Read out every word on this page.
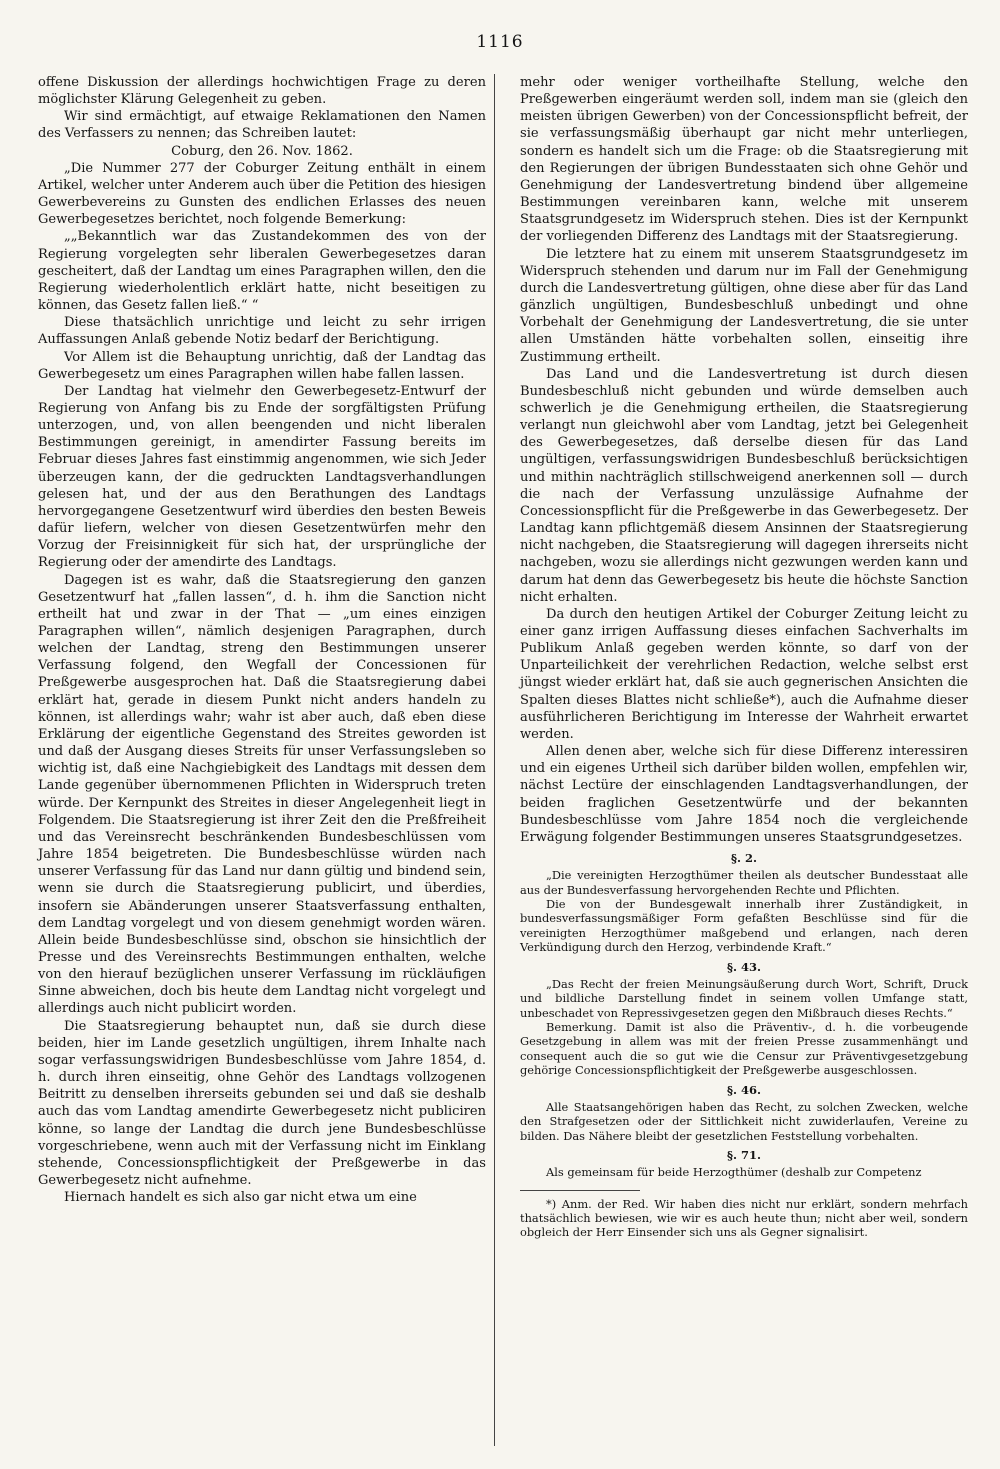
1116

offene Diskussion der allerdings hochwichtigen Frage zu deren möglichster Klärung Gelegenheit zu geben.

Wir sind ermächtigt, auf etwaige Reklamationen den Namen des Verfassers zu nennen; das Schreiben lautet:

Coburg, den 26. Nov. 1862.

„Die Nummer 277 der Coburger Zeitung enthält in einem Artikel, welcher unter Anderem auch über die Petition des hiesigen Gewerbevereins zu Gunsten des endlichen Erlasses des neuen Gewerbegesetzes berichtet, noch folgende Bemerkung:

„„Bekanntlich war das Zustandekommen des von der Regierung vorgelegten sehr liberalen Gewerbegesetzes daran gescheitert, daß der Landtag um eines Paragraphen willen, den die Regierung wiederholentlich erklärt hatte, nicht beseitigen zu können, das Gesetz fallen ließ.“ “

Diese thatsächlich unrichtige und leicht zu sehr irrigen Auffassungen Anlaß gebende Notiz bedarf der Berichtigung.

Vor Allem ist die Behauptung unrichtig, daß der Landtag das Gewerbegesetz um eines Paragraphen willen habe fallen lassen.

Der Landtag hat vielmehr den Gewerbegesetz-Entwurf der Regierung von Anfang bis zu Ende der sorgfältigsten Prüfung unterzogen, und, von allen beengenden und nicht liberalen Bestimmungen gereinigt, in amendirter Fassung bereits im Februar dieses Jahres fast einstimmig angenommen, wie sich Jeder überzeugen kann, der die gedruckten Landtagsverhandlungen gelesen hat, und der aus den Berathungen des Landtags hervorgegangene Gesetzentwurf wird überdies den besten Beweis dafür liefern, welcher von diesen Gesetzentwürfen mehr den Vorzug der Freisinnigkeit für sich hat, der ursprüngliche der Regierung oder der amendirte des Landtags.

Dagegen ist es wahr, daß die Staatsregierung den ganzen Gesetzentwurf hat „fallen lassen“, d. h. ihm die Sanction nicht ertheilt hat und zwar in der That — „um eines einzigen Paragraphen willen“, nämlich desjenigen Paragraphen, durch welchen der Landtag, streng den Bestimmungen unserer Verfassung folgend, den Wegfall der Concessionen für Preßgewerbe ausgesprochen hat. Daß die Staatsregierung dabei erklärt hat, gerade in diesem Punkt nicht anders handeln zu können, ist allerdings wahr; wahr ist aber auch, daß eben diese Erklärung der eigentliche Gegenstand des Streites geworden ist und daß der Ausgang dieses Streits für unser Verfassungsleben so wichtig ist, daß eine Nachgiebigkeit des Landtags mit dessen dem Lande gegenüber übernommenen Pflichten in Widerspruch treten würde. Der Kernpunkt des Streites in dieser Angelegenheit liegt in Folgendem. Die Staatsregierung ist ihrer Zeit den die Preßfreiheit und das Vereinsrecht beschränkenden Bundesbeschlüssen vom Jahre 1854 beigetreten. Die Bundesbeschlüsse würden nach unserer Verfassung für das Land nur dann gültig und bindend sein, wenn sie durch die Staatsregierung publicirt, und überdies, insofern sie Abänderungen unserer Staatsverfassung enthalten, dem Landtag vorgelegt und von diesem genehmigt worden wären. Allein beide Bundesbeschlüsse sind, obschon sie hinsichtlich der Presse und des Vereinsrechts Bestimmungen enthalten, welche von den hierauf bezüglichen unserer Verfassung im rückläufigen Sinne abweichen, doch bis heute dem Landtag nicht vorgelegt und allerdings auch nicht publicirt worden.

Die Staatsregierung behauptet nun, daß sie durch diese beiden, hier im Lande gesetzlich ungültigen, ihrem Inhalte nach sogar verfassungswidrigen Bundesbeschlüsse vom Jahre 1854, d. h. durch ihren einseitig, ohne Gehör des Landtags vollzogenen Beitritt zu denselben ihrerseits gebunden sei und daß sie deshalb auch das vom Landtag amendirte Gewerbegesetz nicht publiciren könne, so lange der Landtag die durch jene Bundesbeschlüsse vorgeschriebene, wenn auch mit der Verfassung nicht im Einklang stehende, Concessionspflichtigkeit der Preßgewerbe in das Gewerbegesetz nicht aufnehme.

Hiernach handelt es sich also gar nicht etwa um eine

mehr oder weniger vortheilhafte Stellung, welche den Preßgewerben eingeräumt werden soll, indem man sie (gleich den meisten übrigen Gewerben) von der Concessionspflicht befreit, der sie verfassungsmäßig überhaupt gar nicht mehr unterliegen, sondern es handelt sich um die Frage: ob die Staatsregierung mit den Regierungen der übrigen Bundesstaaten sich ohne Gehör und Genehmigung der Landesvertretung bindend über allgemeine Bestimmungen vereinbaren kann, welche mit unserem Staatsgrundgesetz im Widerspruch stehen. Dies ist der Kernpunkt der vorliegenden Differenz des Landtags mit der Staatsregierung.

Die letztere hat zu einem mit unserem Staatsgrundgesetz im Widerspruch stehenden und darum nur im Fall der Genehmigung durch die Landesvertretung gültigen, ohne diese aber für das Land gänzlich ungültigen, Bundesbeschluß unbedingt und ohne Vorbehalt der Genehmigung der Landesvertretung, die sie unter allen Umständen hätte vorbehalten sollen, einseitig ihre Zustimmung ertheilt.

Das Land und die Landesvertretung ist durch diesen Bundesbeschluß nicht gebunden und würde demselben auch schwerlich je die Genehmigung ertheilen, die Staatsregierung verlangt nun gleichwohl aber vom Landtag, jetzt bei Gelegenheit des Gewerbegesetzes, daß derselbe diesen für das Land ungültigen, verfassungswidrigen Bundesbeschluß berücksichtigen und mithin nachträglich stillschweigend anerkennen soll — durch die nach der Verfassung unzulässige Aufnahme der Concessionspflicht für die Preßgewerbe in das Gewerbegesetz. Der Landtag kann pflichtgemäß diesem Ansinnen der Staatsregierung nicht nachgeben, die Staatsregierung will dagegen ihrerseits nicht nachgeben, wozu sie allerdings nicht gezwungen werden kann und darum hat denn das Gewerbegesetz bis heute die höchste Sanction nicht erhalten.

Da durch den heutigen Artikel der Coburger Zeitung leicht zu einer ganz irrigen Auffassung dieses einfachen Sachverhalts im Publikum Anlaß gegeben werden könnte, so darf von der Unparteilichkeit der verehrlichen Redaction, welche selbst erst jüngst wieder erklärt hat, daß sie auch gegnerischen Ansichten die Spalten dieses Blattes nicht schließe*), auch die Aufnahme dieser ausführlicheren Berichtigung im Interesse der Wahrheit erwartet werden.

Allen denen aber, welche sich für diese Differenz interessiren und ein eigenes Urtheil sich darüber bilden wollen, empfehlen wir, nächst Lectüre der einschlagenden Landtagsverhandlungen, der beiden fraglichen Gesetzentwürfe und der bekannten Bundesbeschlüsse vom Jahre 1854 noch die vergleichende Erwägung folgender Bestimmungen unseres Staatsgrundgesetzes.

§. 2.

„Die vereinigten Herzogthümer theilen als deutscher Bundesstaat alle aus der Bundesverfassung hervorgehenden Rechte und Pflichten.

Die von der Bundesgewalt innerhalb ihrer Zuständigkeit, in bundesverfassungsmäßiger Form gefaßten Beschlüsse sind für die vereinigten Herzogthümer maßgebend und erlangen, nach deren Verkündigung durch den Herzog, verbindende Kraft.“

§. 43.

„Das Recht der freien Meinungsäußerung durch Wort, Schrift, Druck und bildliche Darstellung findet in seinem vollen Umfange statt, unbeschadet von Repressivgesetzen gegen den Mißbrauch dieses Rechts.“

Bemerkung. Damit ist also die Präventiv-, d. h. die vorbeugende Gesetzgebung in allem was mit der freien Presse zusammenhängt und consequent auch die so gut wie die Censur zur Präventivgesetzgebung gehörige Concessionspflichtigkeit der Preßgewerbe ausgeschlossen.

§. 46.

Alle Staatsangehörigen haben das Recht, zu solchen Zwecken, welche den Strafgesetzen oder der Sittlichkeit nicht zuwiderlaufen, Vereine zu bilden. Das Nähere bleibt der gesetzlichen Feststellung vorbehalten.

§. 71.

Als gemeinsam für beide Herzogthümer (deshalb zur Competenz

*) Anm. der Red. Wir haben dies nicht nur erklärt, sondern mehrfach thatsächlich bewiesen, wie wir es auch heute thun; nicht aber weil, sondern obgleich der Herr Einsender sich uns als Gegner signalisirt.
